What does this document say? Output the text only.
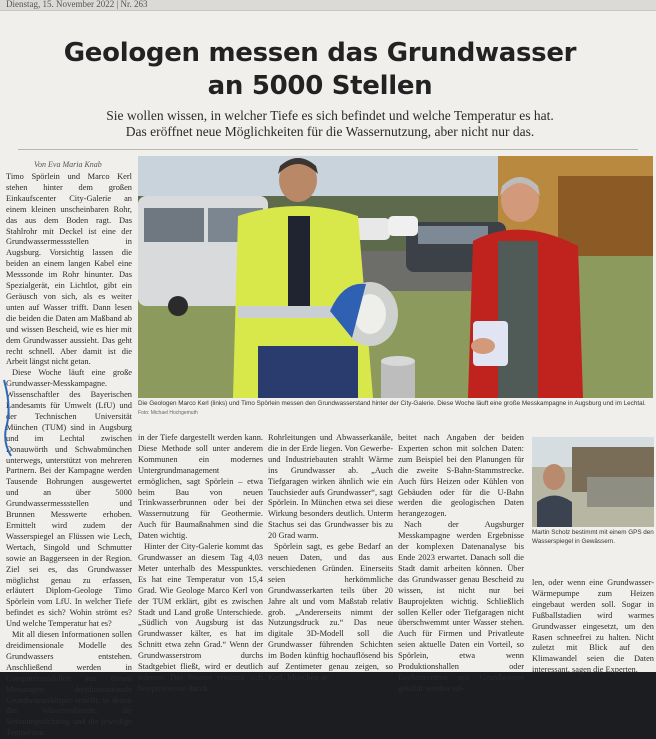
Dienstag, 15. November 2022 | Nr. 263
Geologen messen das Grundwasser
an 5000 Stellen
Sie wollen wissen, in welcher Tiefe es sich befindet und welche Temperatur es hat.
Das eröffnet neue Möglichkeiten für die Wassernutzung, aber nicht nur das.
Von Eva Maria Knab
Die Geologen Marco Kerl (links) und Timo Spörlein messen den Grundwasserstand hinter der City-Galerie. Diese Woche läuft eine große Messkampagne in Augsburg und im Lechtal. Foto: Michael Hochgemuth
Martin Scholz bestimmt mit einem GPS den Wasserspiegel in Gewässern.

Timo Spörlein und Marco Kerl stehen hinter dem großen Einkaufscenter City-Galerie an einem kleinen unscheinbaren Rohr, das aus dem Boden ragt. Das Stahlrohr mit Deckel ist eine der Grundwassermessstellen in Augsburg. Vorsichtig lassen die beiden an einem langen Kabel eine Messsonde im Rohr hinunter. Das Spezialgerät, ein Lichtlot, gibt ein Geräusch von sich, als es weiter unten auf Wasser trifft. Dann lesen die beiden die Daten am Maßband ab und wissen Bescheid, wie es hier mit dem Grundwasser aussieht. Das geht recht schnell. Aber damit ist die Arbeit längst nicht getan.

Diese Woche läuft eine große Grundwasser-Messkampagne. Wissenschaftler des Bayerischen Landesamts für Umwelt (LfU) und der Technischen Universität München (TUM) sind in Augsburg und im Lechtal zwischen Donauwörth und Schwabmünchen unterwegs, unterstützt von mehreren Partnern. Bei der Kampagne werden Tausende Bohrungen ausgewertet und an über 5000 Grundwassermessstellen und Brunnen Messwerte erhoben. Ermittelt wird zudem der Wasserspiegel an Flüssen wie Lech, Wertach, Singold und Schmutter sowie an Baggerseen in der Region. Ziel sei es, das Grundwasser möglichst genau zu erfassen, erläutert Diplom-Geologe Timo Spörlein vom LfU. In welcher Tiefe befindet es sich? Wohin strömt es? Und welche Temperatur hat es?

Mit all diesen Informationen sollen dreidimensionale Modelle des Grundwassers entstehen. Anschließend werden in Computermodellen aus diesen Messungen dreidimensionale Grundwasserkörper erstellt, in denen das Wasservolumen, die Strömungsrichtung und die jeweilige Temperatur

in der Tiefe dargestellt werden kann. Diese Methode soll unter anderem Kommunen ein modernes Untergrundmanagement ermöglichen, sagt Spörlein – etwa beim Bau von neuen Trinkwasserbrunnen oder bei der Wassernutzung für Geothermie. Auch für Baumaßnahmen sind die Daten wichtig.

Hinter der City-Galerie kommt das Grundwasser an diesem Tag 4,03 Meter unterhalb des Messpunktes. Es hat eine Temperatur von 15,4 Grad. Wie Geologe Marco Kerl von der TUM erklärt, gibt es zwischen Stadt und Land große Unterschiede. „Südlich von Augsburg ist das Grundwasser kälter, es hat im Schnitt etwa zehn Grad.“ Wenn der Grundwasserstrom durchs Stadtgebiet fließt, wird er deutlich wärmer. Das Wasser erwärmt sich beispielsweise durch

Rohrleitungen und Abwasserkanäle, die in der Erde liegen. Von Gewerbe- und Industriebauten strahlt Wärme ins Grundwasser ab. „Auch Tiefgaragen wirken ähnlich wie ein Tauchsieder aufs Grundwasser“, sagt Spörlein. In München etwa sei diese Wirkung besonders deutlich. Unterm Stachus sei das Grundwasser bis zu 20 Grad warm.

Spörlein sagt, es gebe Bedarf an neuen Daten, und das aus verschiedenen Gründen. Einerseits seien herkömmliche Grundwasserkarten teils über 20 Jahre alt und vom Maßstab relativ grob. „Andererseits nimmt der Nutzungsdruck zu.“ Das neue digitale 3D-Modell soll die Grundwasser führenden Schichten im Boden künftig hochauflösend bis auf Zentimeter genau zeigen, so Kerl. München ar-

beitet nach Angaben der beiden Experten schon mit solchen Daten: zum Beispiel bei den Planungen für die zweite S-Bahn-Stammstrecke. Auch fürs Heizen oder Kühlen von Gebäuden oder für die U-Bahn werden die geologischen Daten herangezogen.

Nach der Augsburger Messkampagne werden Ergebnisse der komplexen Datenanalyse bis Ende 2023 erwartet. Danach soll die Stadt damit arbeiten können. Über das Grundwasser genau Bescheid zu wissen, ist nicht nur bei Bauprojekten wichtig. Schließlich sollen Keller oder Tiefgaragen nicht überschwemmt unter Wasser stehen. Auch für Firmen und Privatleute seien aktuelle Daten ein Vorteil, so Spörlein, etwa wenn Produktionshallen oder Rechenzentren mit Grundwasser gekühlt werden sol-

len, oder wenn eine Grundwasser-Wärmepumpe zum Heizen eingebaut werden soll. Sogar in Fußballstadien wird warmes Grundwasser eingesetzt, um den Rasen schneefrei zu halten. Nicht zuletzt mit Blick auf den Klimawandel seien die Daten interessant, sagen die Experten.
